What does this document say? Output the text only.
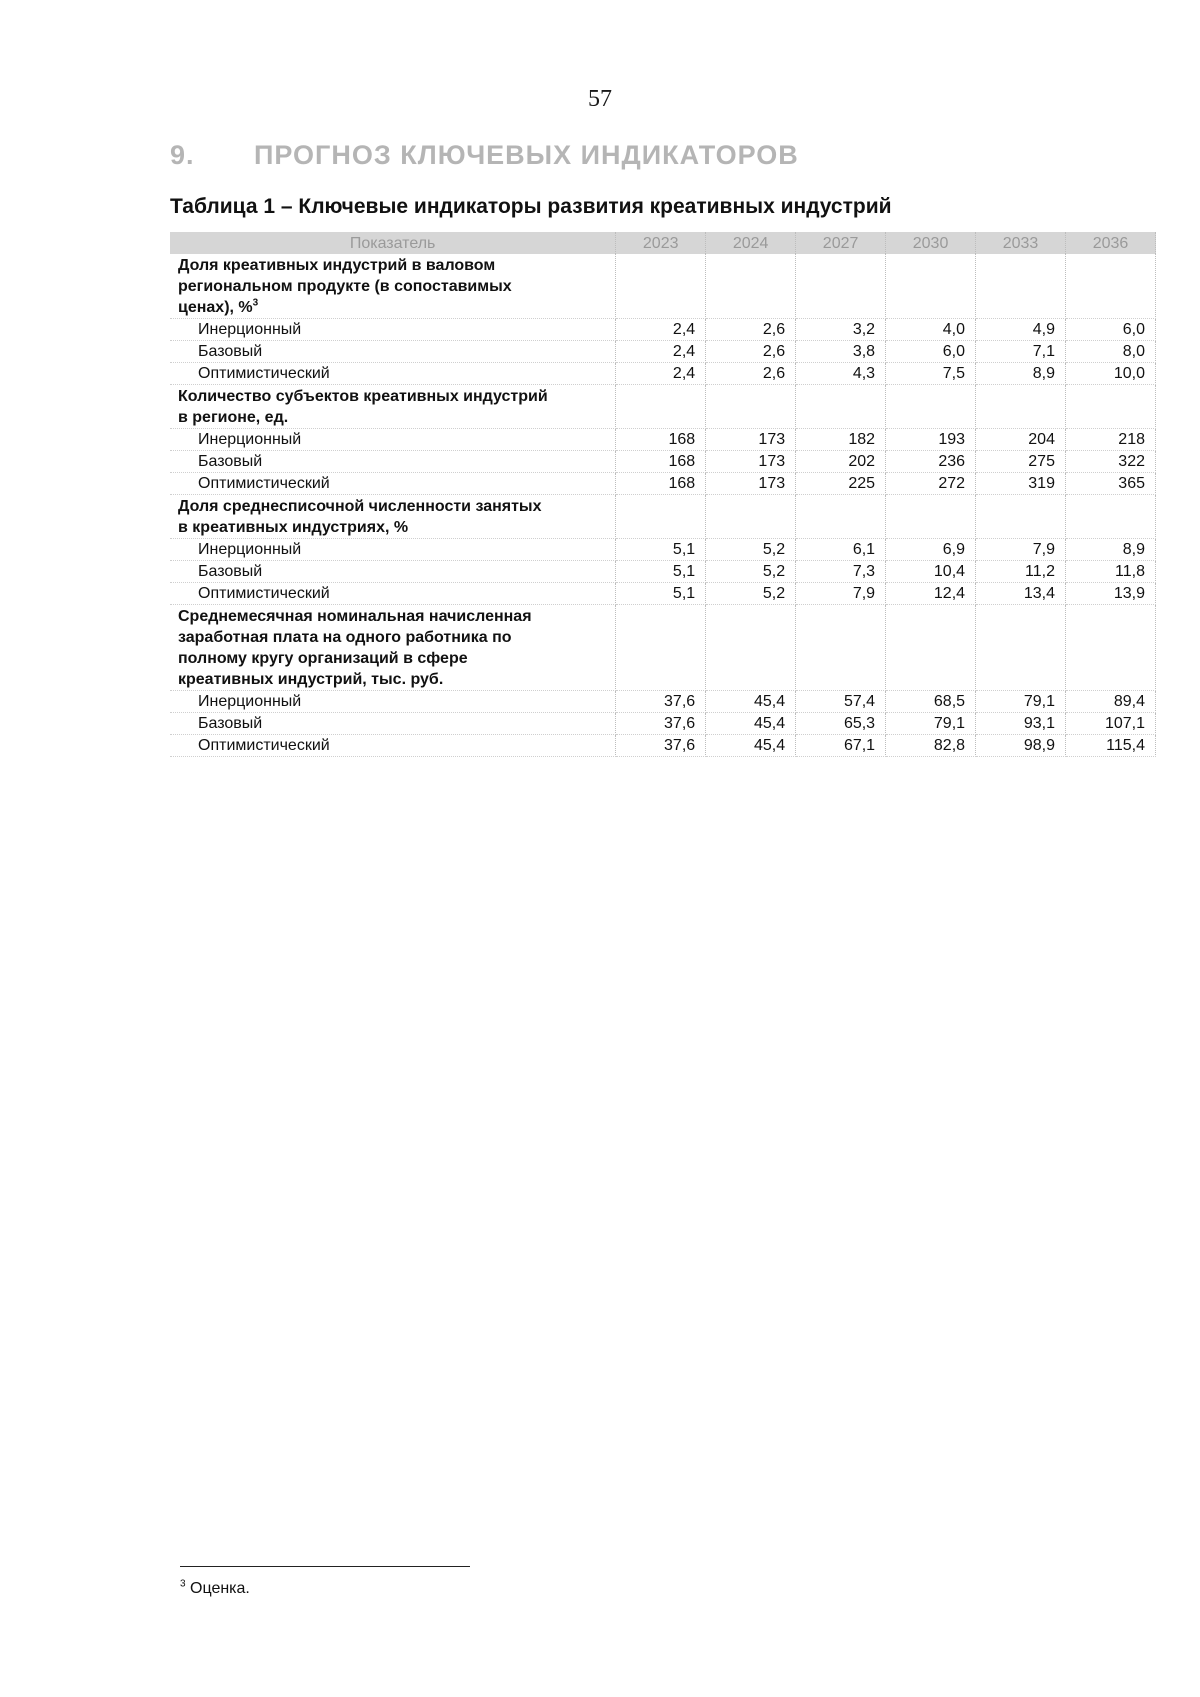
57
9. ПРОГНОЗ КЛЮЧЕВЫХ ИНДИКАТОРОВ
Таблица 1 – Ключевые индикаторы развития креативных индустрий
Показатель	2023	2024	2027	2030	2033	2036
Доля креативных индустрий в валовом
региональном продукте (в сопоставимых
ценах), %$^3$						
Инерционный	2,4	2,6	3,2	4,0	4,9	6,0
Базовый	2,4	2,6	3,8	6,0	7,1	8,0
Оптимистический	2,4	2,6	4,3	7,5	8,9	10,0
Количество субъектов креативных индустрий
в регионе, ед.						
Инерционный	168	173	182	193	204	218
Базовый	168	173	202	236	275	322
Оптимистический	168	173	225	272	319	365
Доля среднесписочной численности занятых
в креативных индустриях, %						
Инерционный	5,1	5,2	6,1	6,9	7,9	8,9
Базовый	5,1	5,2	7,3	10,4	11,2	11,8
Оптимистический	5,1	5,2	7,9	12,4	13,4	13,9
Среднемесячная номинальная начисленная
заработная плата на одного работника по
полному кругу организаций в сфере
креативных индустрий, тыс. руб.						
Инерционный	37,6	45,4	57,4	68,5	79,1	89,4
Базовый	37,6	45,4	65,3	79,1	93,1	107,1
Оптимистический	37,6	45,4	67,1	82,8	98,9	115,4
$^3$ Оценка.
